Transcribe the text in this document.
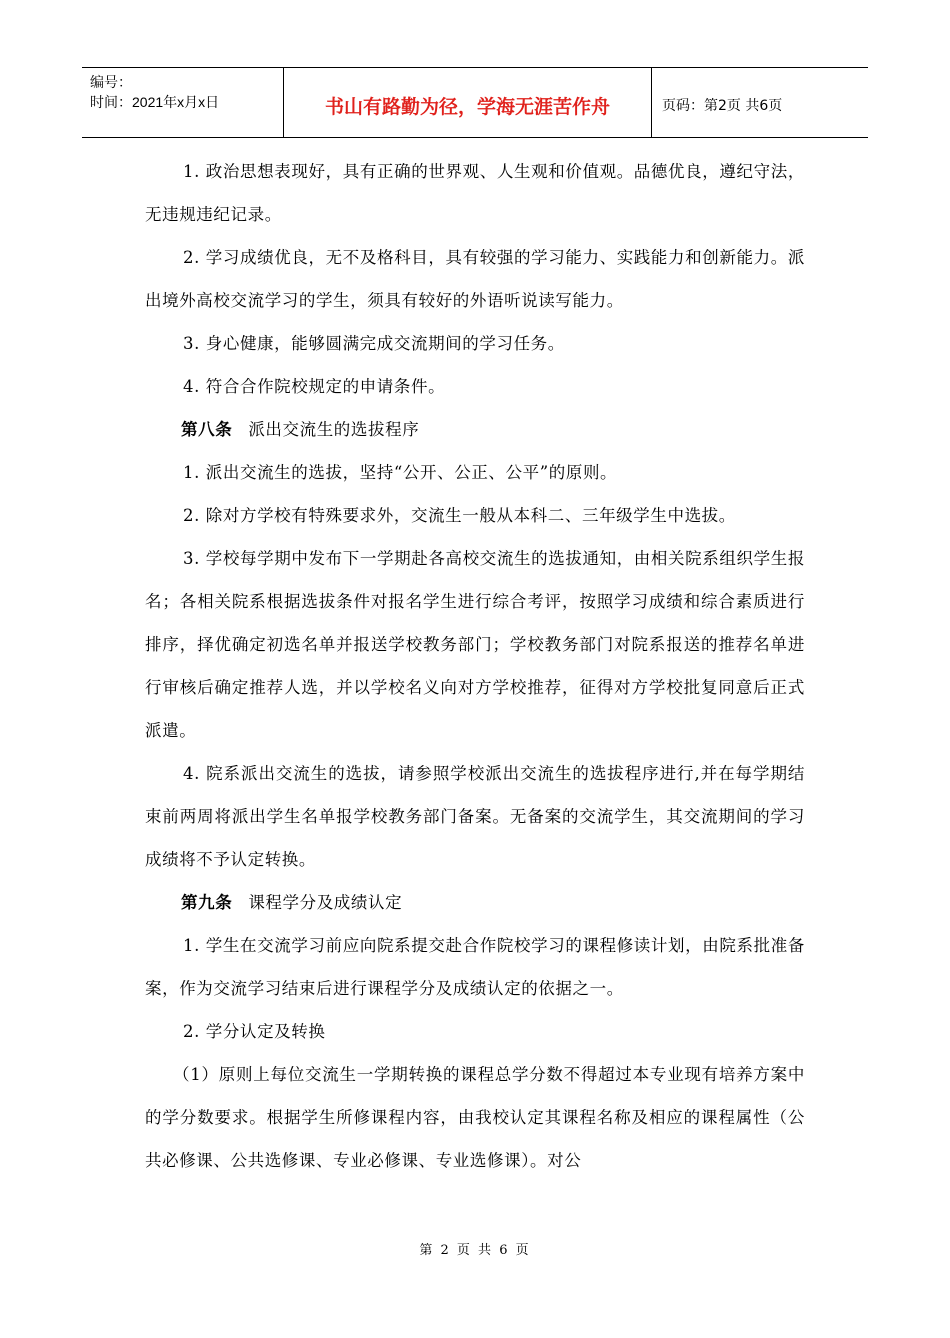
编号：
时间：2021年x月x日	书山有路勤为径，学海无涯苦作舟	页码：第2页 共6页

1. 政治思想表现好，具有正确的世界观、人生观和价值观。品德优良，遵纪守法，无违规违纪记录。

2. 学习成绩优良，无不及格科目，具有较强的学习能力、实践能力和创新能力。派出境外高校交流学习的学生，须具有较好的外语听说读写能力。

3. 身心健康，能够圆满完成交流期间的学习任务。

4. 符合合作院校规定的申请条件。

第八条 派出交流生的选拔程序

1. 派出交流生的选拔，坚持“公开、公正、公平”的原则。

2. 除对方学校有特殊要求外，交流生一般从本科二、三年级学生中选拔。

3. 学校每学期中发布下一学期赴各高校交流生的选拔通知，由相关院系组织学生报名；各相关院系根据选拔条件对报名学生进行综合考评，按照学习成绩和综合素质进行排序，择优确定初选名单并报送学校教务部门；学校教务部门对院系报送的推荐名单进行审核后确定推荐人选，并以学校名义向对方学校推荐，征得对方学校批复同意后正式派遣。

4. 院系派出交流生的选拔，请参照学校派出交流生的选拔程序进行,并在每学期结束前两周将派出学生名单报学校教务部门备案。无备案的交流学生，其交流期间的学习成绩将不予认定转换。

第九条 课程学分及成绩认定

1. 学生在交流学习前应向院系提交赴合作院校学习的课程修读计划，由院系批准备案，作为交流学习结束后进行课程学分及成绩认定的依据之一。

2. 学分认定及转换

（1）原则上每位交流生一学期转换的课程总学分数不得超过本专业现有培养方案中的学分数要求。根据学生所修课程内容，由我校认定其课程名称及相应的课程属性（公共必修课、公共选修课、专业必修课、专业选修课）。对公

第 2 页 共 6 页
